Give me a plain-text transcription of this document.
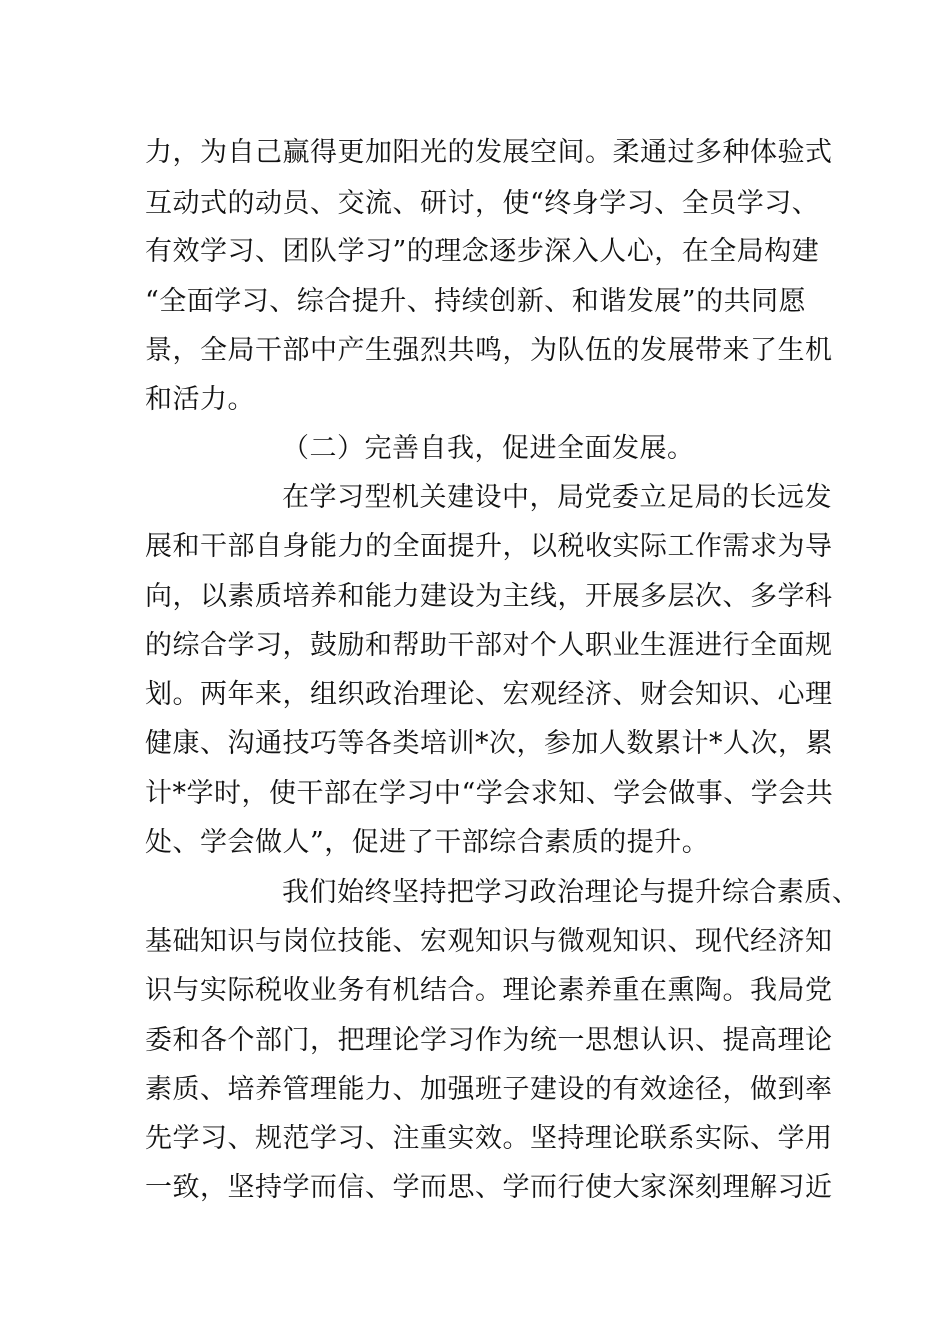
力，为自己赢得更加阳光的发展空间。柔通过多种体验式
互动式的动员、交流、研讨，使“终身学习、全员学习、
有效学习、团队学习”的理念逐步深入人心，在全局构建
“全面学习、综合提升、持续创新、和谐发展”的共同愿
景，全局干部中产生强烈共鸣，为队伍的发展带来了生机
和活力。
（二）完善自我，促进全面发展。
在学习型机关建设中，局党委立足局的长远发
展和干部自身能力的全面提升，以税收实际工作需求为导
向，以素质培养和能力建设为主线，开展多层次、多学科
的综合学习，鼓励和帮助干部对个人职业生涯进行全面规
划。两年来，组织政治理论、宏观经济、财会知识、心理
健康、沟通技巧等各类培训*次，参加人数累计*人次，累
计*学时，使干部在学习中“学会求知、学会做事、学会共
处、学会做人”，促进了干部综合素质的提升。
我们始终坚持把学习政治理论与提升综合素质、
基础知识与岗位技能、宏观知识与微观知识、现代经济知
识与实际税收业务有机结合。理论素养重在熏陶。我局党
委和各个部门，把理论学习作为统一思想认识、提高理论
素质、培养管理能力、加强班子建设的有效途径，做到率
先学习、规范学习、注重实效。坚持理论联系实际、学用
一致，坚持学而信、学而思、学而行使大家深刻理解习近
